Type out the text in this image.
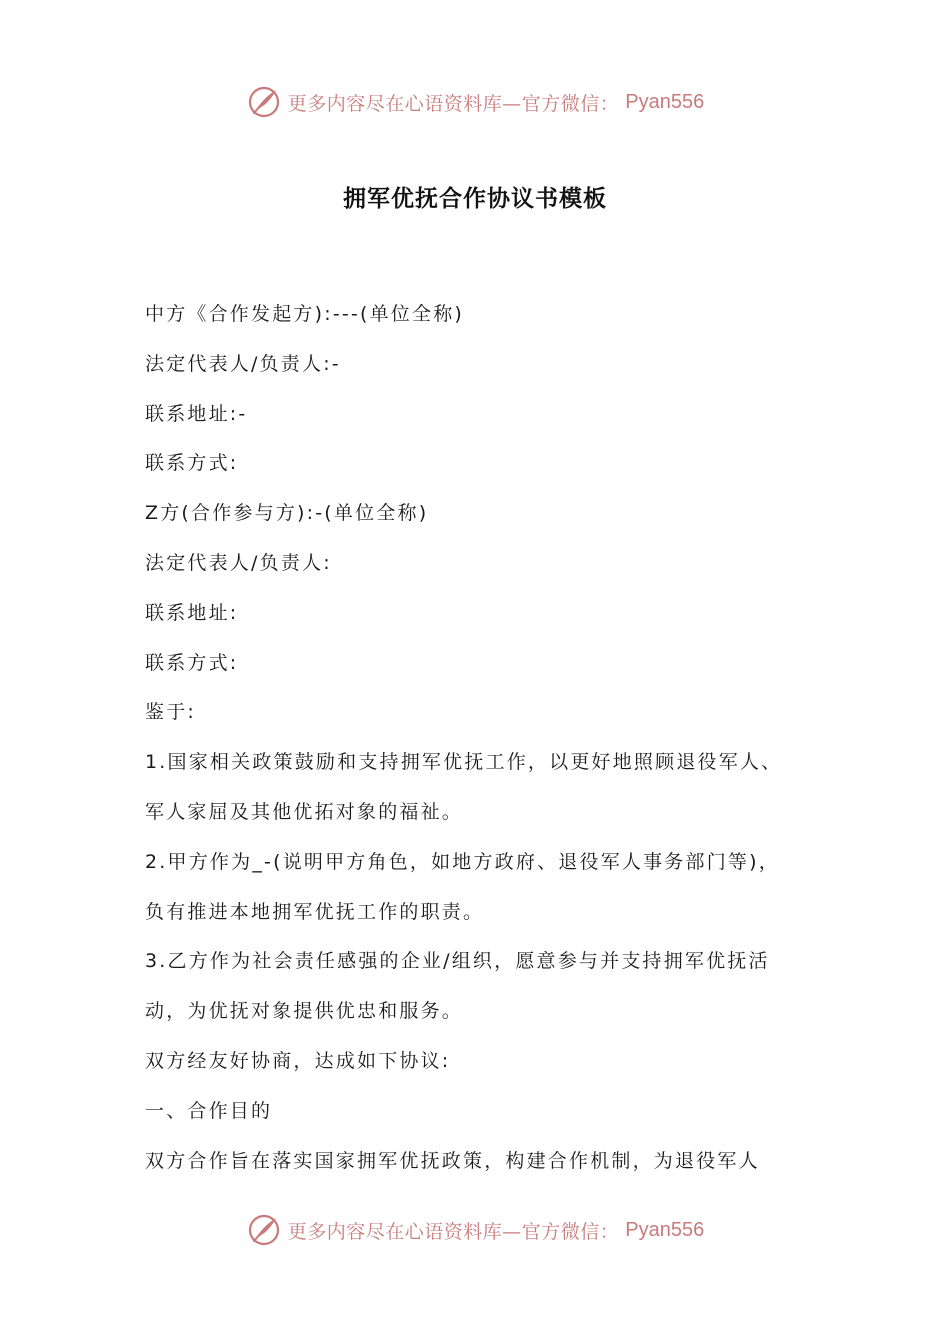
更多内容尽在心语资料库—官方微信： Pyan556
拥军优抚合作协议书模板
中方《合作发起方):---(单位全称)
法定代表人/负责人:-
联系地址:-
联系方式:
Z方(合作参与方):-(单位全称)
法定代表人/负责人:
联系地址:
联系方式:
鉴于:
1.国家相关政策鼓励和支持拥军优抚工作，以更好地照顾退役军人、
军人家屈及其他优拓对象的福祉。
2.甲方作为_-(说明甲方角色，如地方政府、退役军人事务部门等)，
负有推进本地拥军优抚工作的职责。
3.乙方作为社会责任感强的企业/组织，愿意参与并支持拥军优抚活
动，为优抚对象提供优忠和服务。
双方经友好协商，达成如下协议:
一、合作目的
双方合作旨在落实国家拥军优抚政策，构建合作机制，为退役军人
更多内容尽在心语资料库—官方微信： Pyan556
